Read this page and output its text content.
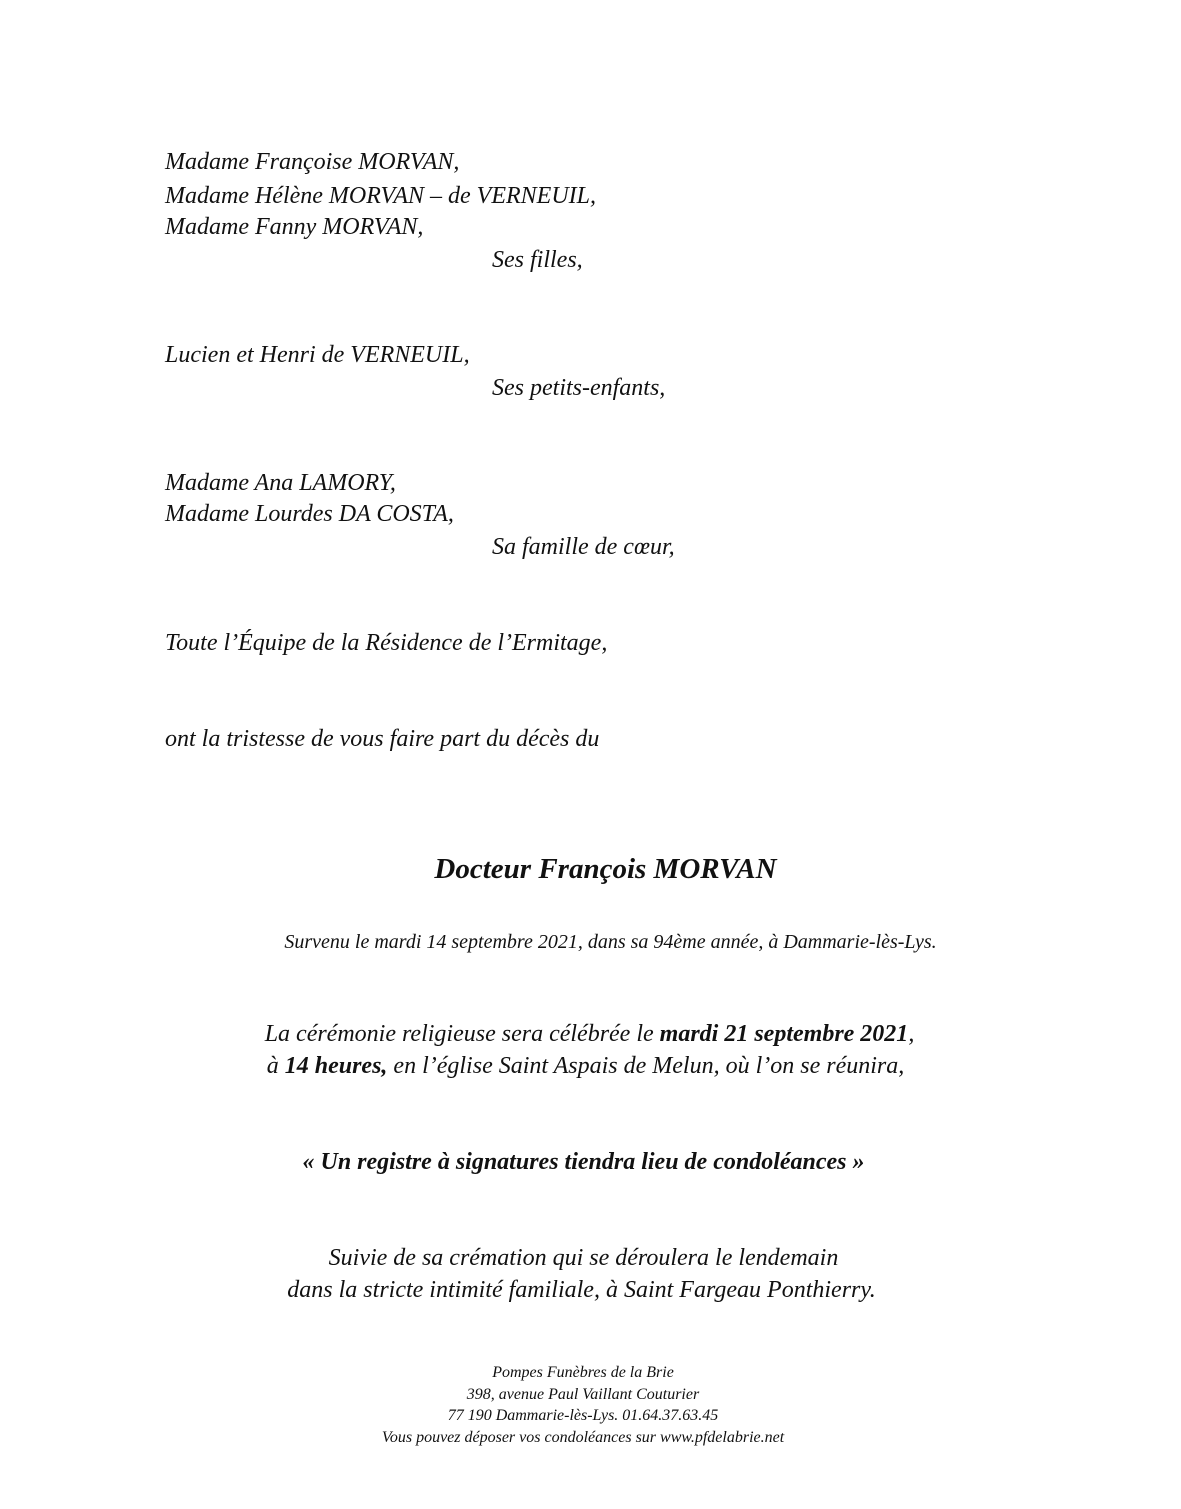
Madame Françoise MORVAN,
Madame Hélène MORVAN – de VERNEUIL,
Madame Fanny MORVAN,
Ses filles,
Lucien et Henri de VERNEUIL,
Ses petits-enfants,
Madame Ana LAMORY,
Madame Lourdes DA COSTA,
Sa famille de cœur,
Toute l’Équipe de la Résidence de l’Ermitage,
ont la tristesse de vous faire part du décès du
Docteur François MORVAN
Survenu le mardi 14 septembre 2021, dans sa 94ème année, à Dammarie-lès-Lys.
La cérémonie religieuse sera célébrée le mardi 21 septembre 2021,
à 14 heures, en l’église Saint Aspais de Melun, où l’on se réunira,
« Un registre à signatures tiendra lieu de condoléances »
Suivie de sa crémation qui se déroulera le lendemain
dans la stricte intimité familiale, à Saint Fargeau Ponthierry.
Pompes Funèbres de la Brie
398, avenue Paul Vaillant Couturier
77 190 Dammarie-lès-Lys. 01.64.37.63.45
Vous pouvez déposer vos condoléances sur www.pfdelabrie.net
